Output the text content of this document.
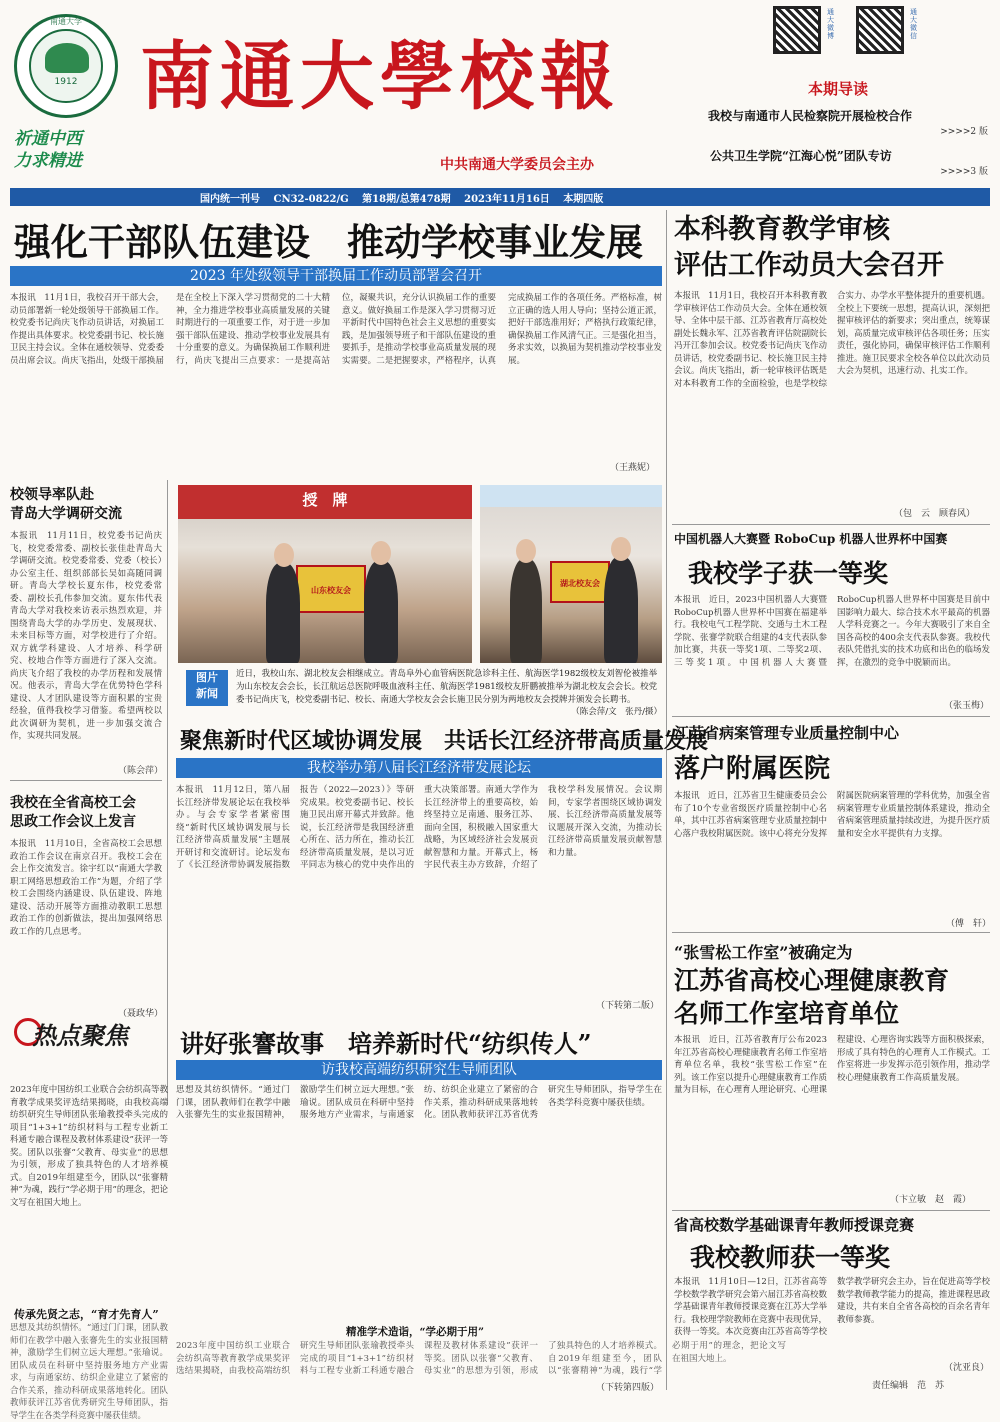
1912
南通大学
祈通中西
力求精进
南通大學校報
中共南通大学委员会主办
通大微博
通大微信
本期导读
我校与南通市人民检察院开展检校合作
>>>>2 版
公共卫生学院“江海心悦”团队专访
>>>>3 版
国内统一刊号 CN32-0822/G 第18期/总第478期 2023年11月16日 本期四版
强化干部队伍建设　推动学校事业发展
2023 年处级领导干部换届工作动员部署会召开
本报讯　11月1日，我校召开干部大会，动员部署新一轮处级领导干部换届工作。校党委书记尚庆飞作动员讲话，对换届工作提出具体要求。校党委副书记、校长施卫民主持会议。全体在通校领导、党委委员出席会议。尚庆飞指出，处级干部换届是在全校上下深入学习贯彻党的二十大精神，全力推进学校事业高质量发展的关键时期进行的一项重要工作，对于进一步加强干部队伍建设、推动学校事业发展具有十分重要的意义。为确保换届工作顺利进行，尚庆飞提出三点要求：一是提高站位，凝聚共识，充分认识换届工作的重要意义。做好换届工作是深入学习贯彻习近平新时代中国特色社会主义思想的重要实践，是加强领导班子和干部队伍建设的重要抓手，是推动学校事业高质量发展的现实需要。二是把握要求，严格程序，认真完成换届工作的各项任务。严格标准，树立正确的选人用人导向；坚持公道正派，把好干部选准用好；严格执行政策纪律，确保换届工作风清气正。三是强化担当，务求实效，以换届为契机推动学校事业发展。
（王燕妮）
校领导率队赴
青岛大学调研交流
本报讯　11月11日，校党委书记尚庆飞，校党委常委、副校长张佳赴青岛大学调研交流。校党委常委、党委（校长）办公室主任、组织部部长吴如高随同调研。青岛大学校长夏东伟，校党委常委、副校长孔伟参加交流。夏东伟代表青岛大学对我校来访表示热烈欢迎，并围绕青岛大学的办学历史、发展现状、未来目标等方面，对学校进行了介绍。双方就学科建设、人才培养、科学研究、校地合作等方面进行了深入交流。尚庆飞介绍了我校的办学历程和发展情况。他表示，青岛大学在优势特色学科建设、人才团队建设等方面积累的宝贵经验，值得我校学习借鉴。希望两校以此次调研为契机，进一步加强交流合作，实现共同发展。
（陈会萍）
我校在全省高校工会
思政工作会议上发言
本报讯　11月10日，全省高校工会思想政治工作会议在南京召开。我校工会在会上作交流发言。徐宇红以“南通大学教职工网络思想政治工作”为题，介绍了学校工会围绕内涵建设、队伍建设、阵地建设、活动开展等方面推动教职工思想政治工作的创新做法，提出加强网络思政工作的几点思考。
（聂政华）
授　牌
山东校友会
湖北校友会
图片
新闻
近日，我校山东、湖北校友会相继成立。青岛阜外心血管病医院急诊科主任、航海医学1982级校友刘智伦被推举为山东校友会会长，长江航运总医院呼吸血液科主任、航海医学1981级校友肝鹏被推举为湖北校友会会长。校党委书记尚庆飞，校党委副书记、校长、南通大学校友会会长施卫民分别为两地校友会授牌并颁发会长聘书。
（陈会萍/文　张丹/摄）
聚焦新时代区域协调发展　共话长江经济带高质量发展
我校举办第八届长江经济带发展论坛
本报讯　11月12日，第八届长江经济带发展论坛在我校举办。与会专家学者紧密围绕“新时代区域协调发展与长江经济带高质量发展”主题展开研讨和交流研讨。论坛发布了《长江经济带协调发展指数报告（2022—2023）》等研究成果。校党委副书记、校长施卫民出席开幕式并致辞。他说，长江经济带是我国经济重心所在、活力所在，推动长江经济带高质量发展，是以习近平同志为核心的党中央作出的重大决策部署。南通大学作为长江经济带上的重要高校，始终坚持立足南通、服务江苏、面向全国，积极融入国家重大战略，为区域经济社会发展贡献智慧和力量。开幕式上，杨宇民代表主办方致辞，介绍了我校学科发展情况。会议期间，专家学者围绕区域协调发展、长江经济带高质量发展等议题展开深入交流，为推动长江经济带高质量发展贡献智慧和力量。
（下转第二版）
热点聚焦 讲好张謇故事　培养新时代“纺织传人”
访我校高端纺织研究生导师团队
2023年度中国纺织工业联合会纺织高等教育教学成果奖评选结果揭晓，由我校高端纺织研究生导师团队张瑜教授牵头完成的项目“1+3+1”纺织材料与工程专业新工科通专融合课程及教材体系建设”获评一等奖。团队以张謇“父教育、母实业”的思想为引领，形成了独具特色的人才培养模式。自2019年组建至今，团队以“张謇精神”为魂，践行“学必期于用”的理念，把论文写在祖国大地上。
传承先贤之志，“育才先育人”
思想及其纺织情怀。“通过门门课，团队教师们在教学中融入张謇先生的实业报国精神，激励学生们树立远大理想。”张瑜说。团队成员在科研中坚持服务地方产业需求，与南通家纺、纺织企业建立了紧密的合作关系，推动科研成果落地转化。团队教师获评江苏省优秀研究生导师团队，指导学生在各类学科竞赛中屡获佳绩。
思想及其纺织情怀。“通过门门课，团队教师们在教学中融入张謇先生的实业报国精神，激励学生们树立远大理想。”张瑜说。团队成员在科研中坚持服务地方产业需求，与南通家纺、纺织企业建立了紧密的合作关系，推动科研成果落地转化。团队教师获评江苏省优秀研究生导师团队，指导学生在各类学科竞赛中屡获佳绩。
精准学术造诣，“学必期于用”
2023年度中国纺织工业联合会纺织高等教育教学成果奖评选结果揭晓，由我校高端纺织研究生导师团队张瑜教授牵头完成的项目“1+3+1”纺织材料与工程专业新工科通专融合课程及教材体系建设”获评一等奖。团队以张謇“父教育、母实业”的思想为引领，形成了独具特色的人才培养模式。自2019年组建至今，团队以“张謇精神”为魂，践行“学必期于用”的理念，把论文写在祖国大地上。
（下转第四版）
本科教育教学审核
评估工作动员大会召开
本报讯　11月1日，我校召开本科教育教学审核评估工作动员大会。全体在通校领导、全体中层干部、江苏省教育厅高校处副处长魏永军、江苏省教育评估院副院长冯开江参加会议。校党委书记尚庆飞作动员讲话，校党委副书记、校长施卫民主持会议。尚庆飞指出，新一轮审核评估既是对本科教育工作的全面检验，也是学校综合实力、办学水平整体提升的重要机遇。全校上下要统一思想，提高认识，深刻把握审核评估的新要求；突出重点，统筹谋划，高质量完成审核评估各项任务；压实责任，强化协同，确保审核评估工作顺利推进。施卫民要求全校各单位以此次动员大会为契机，迅速行动、扎实工作。
（包　云　顾春风）
中国机器人大赛暨 RoboCup 机器人世界杯中国赛
我校学子获一等奖
本报讯　近日，2023中国机器人大赛暨RoboCup机器人世界杯中国赛在福建举行。我校电气工程学院、交通与土木工程学院、张謇学院联合组建的4支代表队参加比赛，共获一等奖1项、二等奖2项、三等奖1项。中国机器人大赛暨RoboCup机器人世界杯中国赛是目前中国影响力最大、综合技术水平最高的机器人学科竞赛之一。今年大赛吸引了来自全国各高校的400余支代表队参赛。我校代表队凭借扎实的技术功底和出色的临场发挥，在激烈的竞争中脱颖而出。
（张玉梅）
江苏省病案管理专业质量控制中心
落户附属医院
本报讯　近日，江苏省卫生健康委员会公布了10个专业省级医疗质量控制中心名单，其中江苏省病案管理专业质量控制中心落户我校附属医院。该中心将充分发挥附属医院病案管理的学科优势，加强全省病案管理专业质量控制体系建设，推动全省病案管理质量持续改进，为提升医疗质量和安全水平提供有力支撑。
（傅　轩）
“张雪松工作室”被确定为
江苏省高校心理健康教育
名师工作室培育单位
本报讯　近日，江苏省教育厅公布2023年江苏省高校心理健康教育名师工作室培育单位名单，我校“张雪松工作室”在列。该工作室以提升心理健康教育工作质量为目标，在心理育人理论研究、心理课程建设、心理咨询实践等方面积极探索，形成了具有特色的心理育人工作模式。工作室将进一步发挥示范引领作用，推动学校心理健康教育工作高质量发展。
（卞立敏　赵　霞）
省高校数学基础课青年教师授课竞赛
我校教师获一等奖
本报讯　11月10日—12日，江苏省高等学校数学教学研究会第六届江苏省高校数学基础课青年教师授课竞赛在江苏大学举行。我校理学院教师在竞赛中表现优异，获得一等奖。本次竞赛由江苏省高等学校数学教学研究会主办，旨在促进高等学校数学教师教学能力的提高，推进课程思政建设，共有来自全省各高校的百余名青年教师参赛。
（沈亚良）
责任编辑　范　苏
